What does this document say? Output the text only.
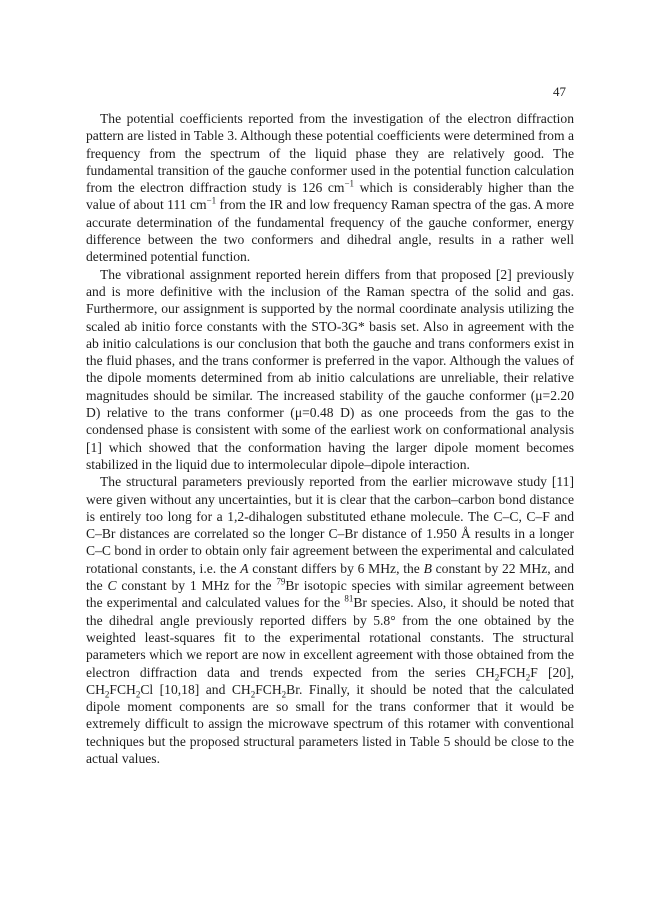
47

The potential coefficients reported from the investigation of the electron diffraction pattern are listed in Table 3. Although these potential coefficients were determined from a frequency from the spectrum of the liquid phase they are relatively good. The fundamental transition of the gauche conformer used in the potential function calculation from the electron diffraction study is 126 $cm^{-1}$ which is considerably higher than the value of about 111 $cm^{-1}$ from the IR and low frequency Raman spectra of the gas. A more accurate determination of the fundamental frequency of the gauche conformer, energy difference between the two conformers and dihedral angle, results in a rather well determined potential function.

The vibrational assignment reported herein differs from that proposed [2] previously and is more definitive with the inclusion of the Raman spectra of the solid and gas. Furthermore, our assignment is supported by the normal coordinate analysis utilizing the scaled ab initio force constants with the STO-3G* basis set. Also in agreement with the ab initio calculations is our conclusion that both the gauche and trans conformers exist in the fluid phases, and the trans conformer is preferred in the vapor. Although the values of the dipole moments determined from ab initio calculations are unreliable, their relative magnitudes should be similar. The increased stability of the gauche conformer (μ=2.20 D) relative to the trans conformer (μ=0.48 D) as one proceeds from the gas to the condensed phase is consistent with some of the earliest work on conformational analysis [1] which showed that the conformation having the larger dipole moment becomes stabilized in the liquid due to intermolecular dipole–dipole interaction.

The structural parameters previously reported from the earlier microwave study [11] were given without any uncertainties, but it is clear that the carbon–carbon bond distance is entirely too long for a 1,2-dihalogen substituted ethane molecule. The C–C, C–F and C–Br distances are correlated so the longer C–Br distance of 1.950 Å results in a longer C–C bond in order to obtain only fair agreement between the experimental and calculated rotational constants, i.e. the A constant differs by 6 MHz, the B constant by 22 MHz, and the C constant by 1 MHz for the $^{79}$Br isotopic species with similar agreement between the experimental and calculated values for the $^{81}$Br species. Also, it should be noted that the dihedral angle previously reported differs by 5.8° from the one obtained by the weighted least-squares fit to the experimental rotational constants. The structural parameters which we report are now in excellent agreement with those obtained from the electron diffraction data and trends expected from the series $CH_2FCH_2F$ [20], $CH_2FCH_2Cl$ [10,18] and $CH_2FCH_2Br$. Finally, it should be noted that the calculated dipole moment components are so small for the trans conformer that it would be extremely difficult to assign the microwave spectrum of this rotamer with conventional techniques but the proposed structural parameters listed in Table 5 should be close to the actual values.
